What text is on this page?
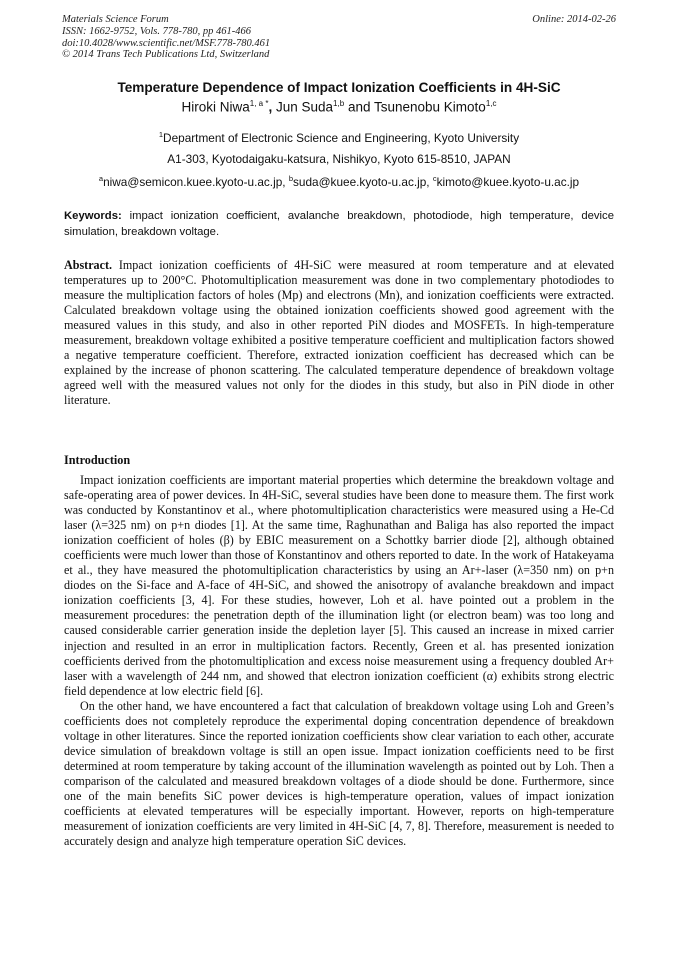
Materials Science Forum
ISSN: 1662-9752, Vols. 778-780, pp 461-466
doi:10.4028/www.scientific.net/MSF.778-780.461
© 2014 Trans Tech Publications Ltd, Switzerland
Online: 2014-02-26
Temperature Dependence of Impact Ionization Coefficients in 4H-SiC
Hiroki Niwa$^{1, a *}$, Jun Suda$^{1,b}$ and Tsunenobu Kimoto$^{1,c}$
$^1$Department of Electronic Science and Engineering, Kyoto University
A1-303, Kyotodaigaku-katsura, Nishikyo, Kyoto 615-8510, JAPAN
$^a$niwa@semicon.kuee.kyoto-u.ac.jp, $^b$suda@kuee.kyoto-u.ac.jp, $^c$kimoto@kuee.kyoto-u.ac.jp
Keywords: impact ionization coefficient, avalanche breakdown, photodiode, high temperature, device simulation, breakdown voltage.

Abstract. Impact ionization coefficients of 4H-SiC were measured at room temperature and at elevated temperatures up to 200°C. Photomultiplication measurement was done in two complementary photodiodes to measure the multiplication factors of holes (Mp) and electrons (Mn), and ionization coefficients were extracted. Calculated breakdown voltage using the obtained ionization coefficients showed good agreement with the measured values in this study, and also in other reported PiN diodes and MOSFETs. In high-temperature measurement, breakdown voltage exhibited a positive temperature coefficient and multiplication factors showed a negative temperature coefficient. Therefore, extracted ionization coefficient has decreased which can be explained by the increase of phonon scattering. The calculated temperature dependence of breakdown voltage agreed well with the measured values not only for the diodes in this study, but also in PiN diode in other literature.

Introduction

Impact ionization coefficients are important material properties which determine the breakdown voltage and safe-operating area of power devices. In 4H-SiC, several studies have been done to measure them. The first work was conducted by Konstantinov et al., where photomultiplication characteristics were measured using a He-Cd laser (λ=325 nm) on p+n diodes [1]. At the same time, Raghunathan and Baliga has also reported the impact ionization coefficient of holes (β) by EBIC measurement on a Schottky barrier diode [2], although obtained coefficients were much lower than those of Konstantinov and others reported to date. In the work of Hatakeyama et al., they have measured the photomultiplication characteristics by using an Ar+-laser (λ=350 nm) on p+n diodes on the Si-face and A-face of 4H-SiC, and showed the anisotropy of avalanche breakdown and impact ionization coefficients [3, 4]. For these studies, however, Loh et al. have pointed out a problem in the measurement procedures: the penetration depth of the illumination light (or electron beam) was too long and caused considerable carrier generation inside the depletion layer [5]. This caused an increase in mixed carrier injection and resulted in an error in multiplication factors. Recently, Green et al. has presented ionization coefficients derived from the photomultiplication and excess noise measurement using a frequency doubled Ar+ laser with a wavelength of 244 nm, and showed that electron ionization coefficient (α) exhibits strong electric field dependence at low electric field [6].

On the other hand, we have encountered a fact that calculation of breakdown voltage using Loh and Green’s coefficients does not completely reproduce the experimental doping concentration dependence of breakdown voltage in other literatures. Since the reported ionization coefficients show clear variation to each other, accurate device simulation of breakdown voltage is still an open issue. Impact ionization coefficients need to be first determined at room temperature by taking account of the illumination wavelength as pointed out by Loh. Then a comparison of the calculated and measured breakdown voltages of a diode should be done. Furthermore, since one of the main benefits SiC power devices is high-temperature operation, values of impact ionization coefficients at elevated temperatures will be especially important. However, reports on high-temperature measurement of ionization coefficients are very limited in 4H-SiC [4, 7, 8]. Therefore, measurement is needed to accurately design and analyze high temperature operation SiC devices.
